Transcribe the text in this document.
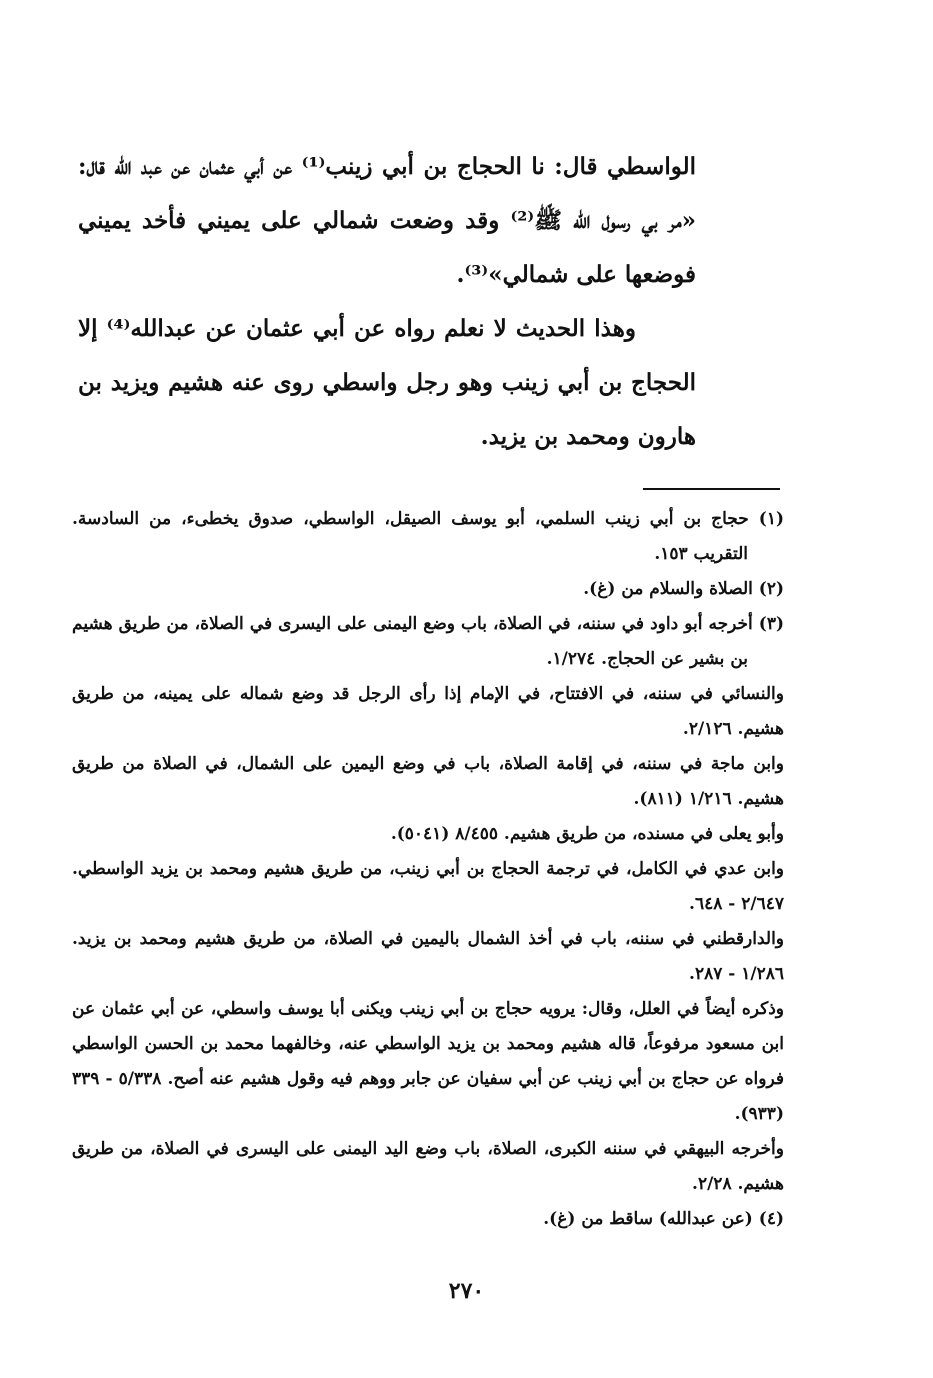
الواسطي قال: نا الحجاج بن أبي زينب⁽¹⁾ عن أبي عثمان عن عبد الله قال: «مر بي رسول الله ﷺ⁽²⁾ وقد وضعت شمالي على يميني فأخد يميني فوضعها على شمالي»⁽³⁾.

وهذا الحديث لا نعلم رواه عن أبي عثمان عن عبدالله⁽⁴⁾ إلا الحجاج بن أبي زينب وهو رجل واسطي روى عنه هشيم ويزيد بن هارون ومحمد بن يزيد.

(١) حجاج بن أبي زينب السلمي، أبو يوسف الصيقل، الواسطي، صدوق يخطىء، من السادسة. التقريب ١٥٣.

(٢) الصلاة والسلام من (غ).

(٣) أخرجه أبو داود في سننه، في الصلاة، باب وضع اليمنى على اليسرى في الصلاة، من طريق هشيم بن بشير عن الحجاج. ١/٢٧٤.

والنسائي في سننه، في الافتتاح، في الإمام إذا رأى الرجل قد وضع شماله على يمينه، من طريق هشيم. ٢/١٢٦.

وابن ماجة في سننه، في إقامة الصلاة، باب في وضع اليمين على الشمال، في الصلاة من طريق هشيم. ١/٢١٦ (٨١١).

وأبو يعلى في مسنده، من طريق هشيم. ٨/٤٥٥ (٥٠٤١).

وابن عدي في الكامل، في ترجمة الحجاج بن أبي زينب، من طريق هشيم ومحمد بن يزيد الواسطي. ٢/٦٤٧ - ٦٤٨.

والدارقطني في سننه، باب في أخذ الشمال باليمين في الصلاة، من طريق هشيم ومحمد بن يزيد. ١/٢٨٦ - ٢٨٧.

وذكره أيضاً في العلل، وقال: يرويه حجاج بن أبي زينب ويكنى أبا يوسف واسطي، عن أبي عثمان عن ابن مسعود مرفوعاً، قاله هشيم ومحمد بن يزيد الواسطي عنه، وخالفهما محمد بن الحسن الواسطي فرواه عن حجاج بن أبي زينب عن أبي سفيان عن جابر ووهم فيه وقول هشيم عنه أصح. ٥/٣٣٨ - ٣٣٩ (٩٣٣).

وأخرجه البيهقي في سننه الكبرى، الصلاة، باب وضع اليد اليمنى على اليسرى في الصلاة، من طريق هشيم. ٢/٢٨.

(٤) (عن عبدالله) ساقط من (غ).

٢٧٠
